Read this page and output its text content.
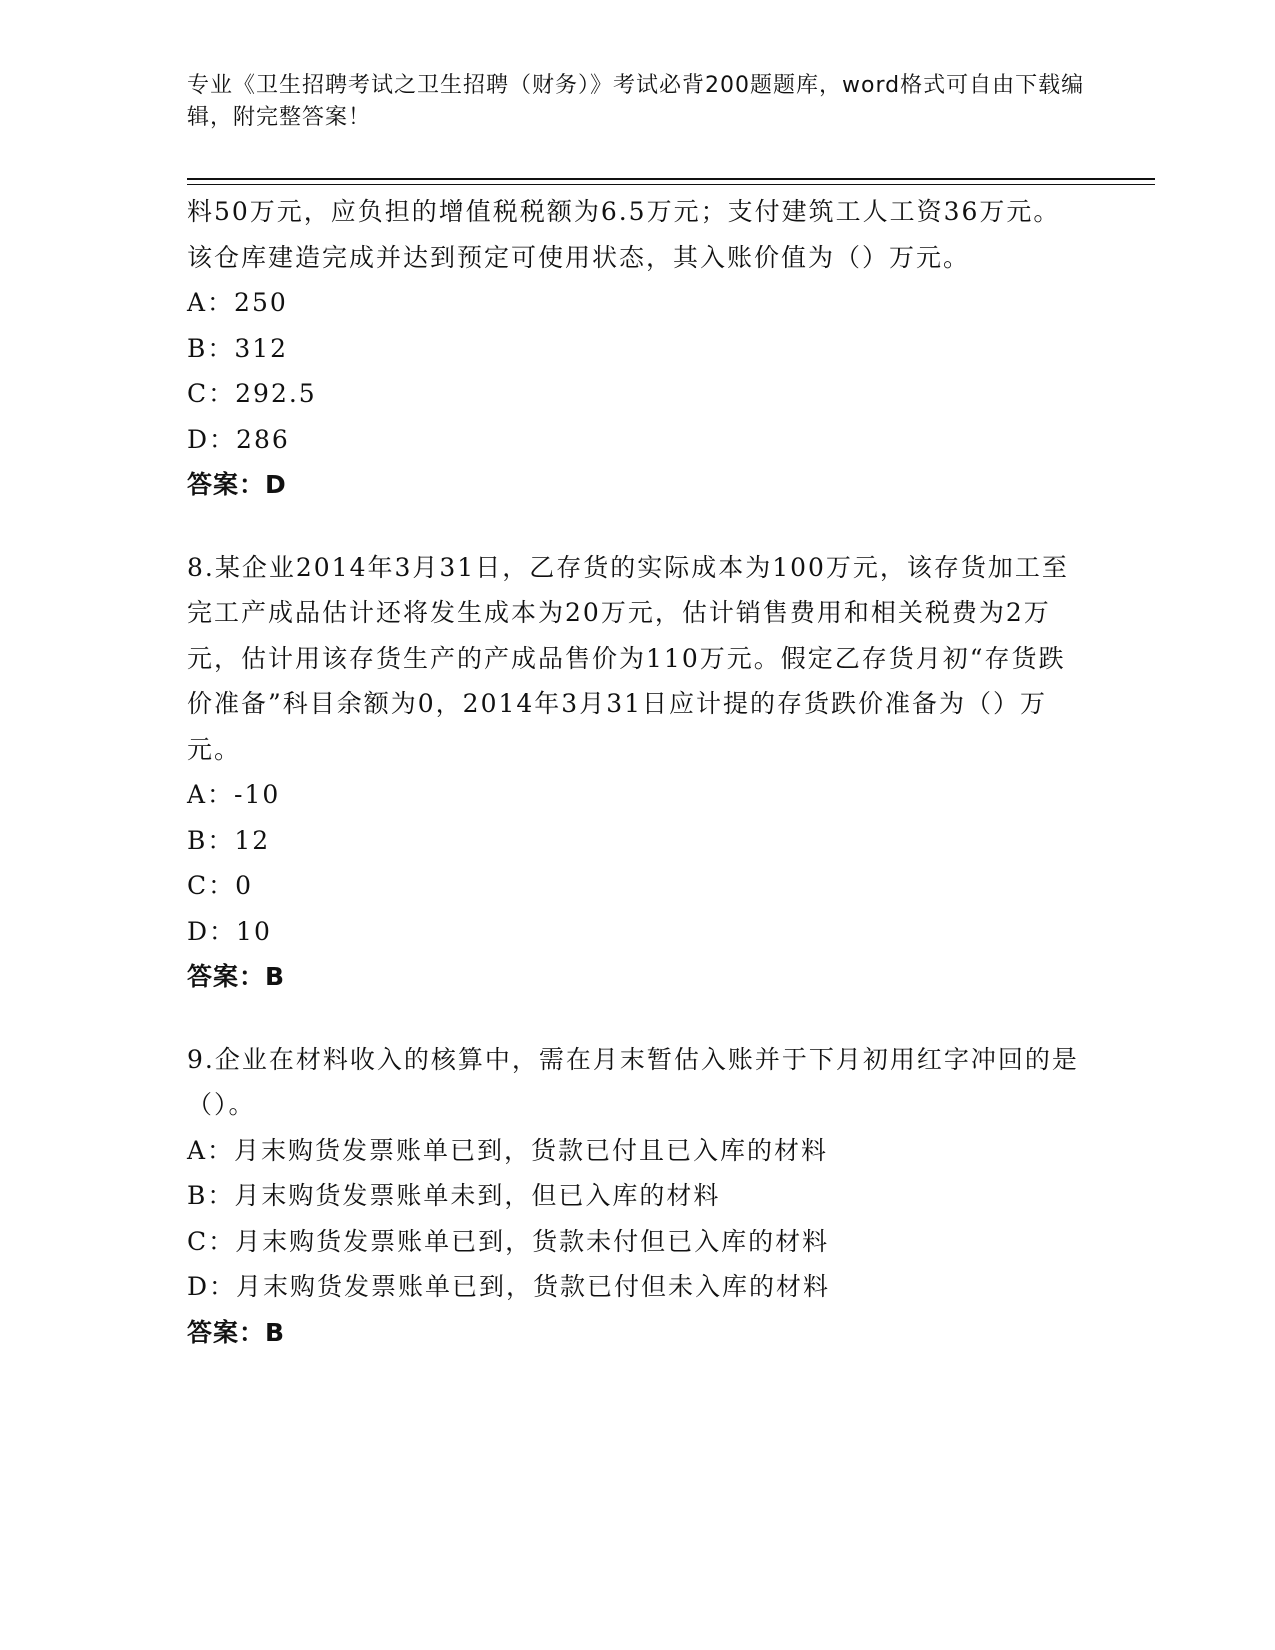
专业《卫生招聘考试之卫生招聘（财务）》考试必背200题题库，word格式可自由下载编辑，附完整答案！

料50万元，应负担的增值税税额为6.5万元；支付建筑工人工资36万元。该仓库建造完成并达到预定可使用状态，其入账价值为（）万元。

A：250

B：312

C：292.5

D：286

答案：D

8.某企业2014年3月31日，乙存货的实际成本为100万元，该存货加工至完工产成品估计还将发生成本为20万元，估计销售费用和相关税费为2万元，估计用该存货生产的产成品售价为110万元。假定乙存货月初“存货跌价准备”科目余额为0，2014年3月31日应计提的存货跌价准备为（）万元。

A：-10

B：12

C：0

D：10

答案：B

9.企业在材料收入的核算中，需在月末暂估入账并于下月初用红字冲回的是（）。

A：月末购货发票账单已到，货款已付且已入库的材料

B：月末购货发票账单未到，但已入库的材料

C：月末购货发票账单已到，货款未付但已入库的材料

D：月末购货发票账单已到，货款已付但未入库的材料

答案：B
